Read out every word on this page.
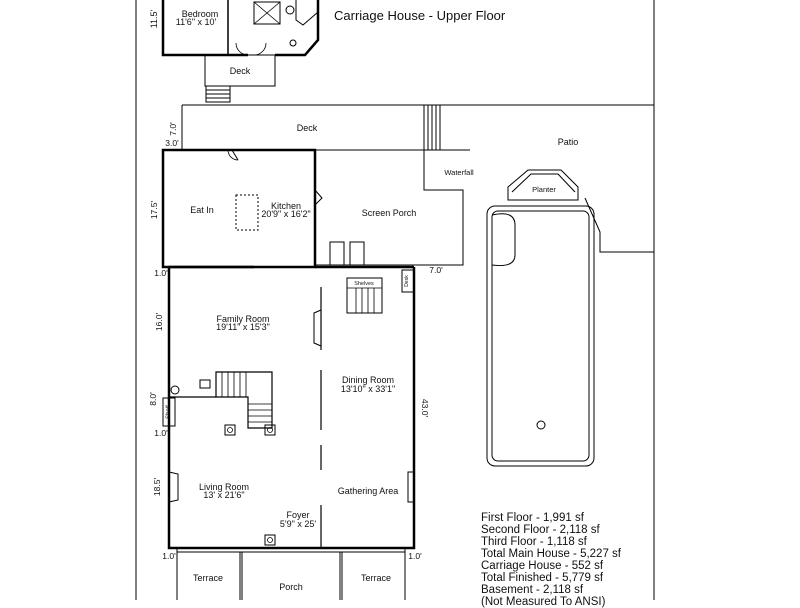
Carriage House - Upper Floor
Bedroom
11'6" x 10'
11.5'
Deck
Deck
Patio
Waterfall
Planter
Eat In	Kitchen
20'9" x 16'2"	Screen Porch
Shelves	Desk
Family Room
19'11" x 15'3"
Dining Room
13'10" x 33'1"
Shelf
Living Room
13' x 21'6"
Foyer
5'9" x 25'
Gathering Area
Terrace
Porch
Terrace
7.0'
3.0'
17.5'
7.0'
1.0'
16.0'
8.0'
1.0'
18.5'
43.0'
1.0'	1.0'
First Floor - 1,991 sf
Second Floor - 2,118 sf
Third Floor - 1,118 sf
Total Main House - 5,227 sf
Carriage House - 552 sf
Total Finished - 5,779 sf
Basement - 2,118 sf
(Not Measured To ANSI)
